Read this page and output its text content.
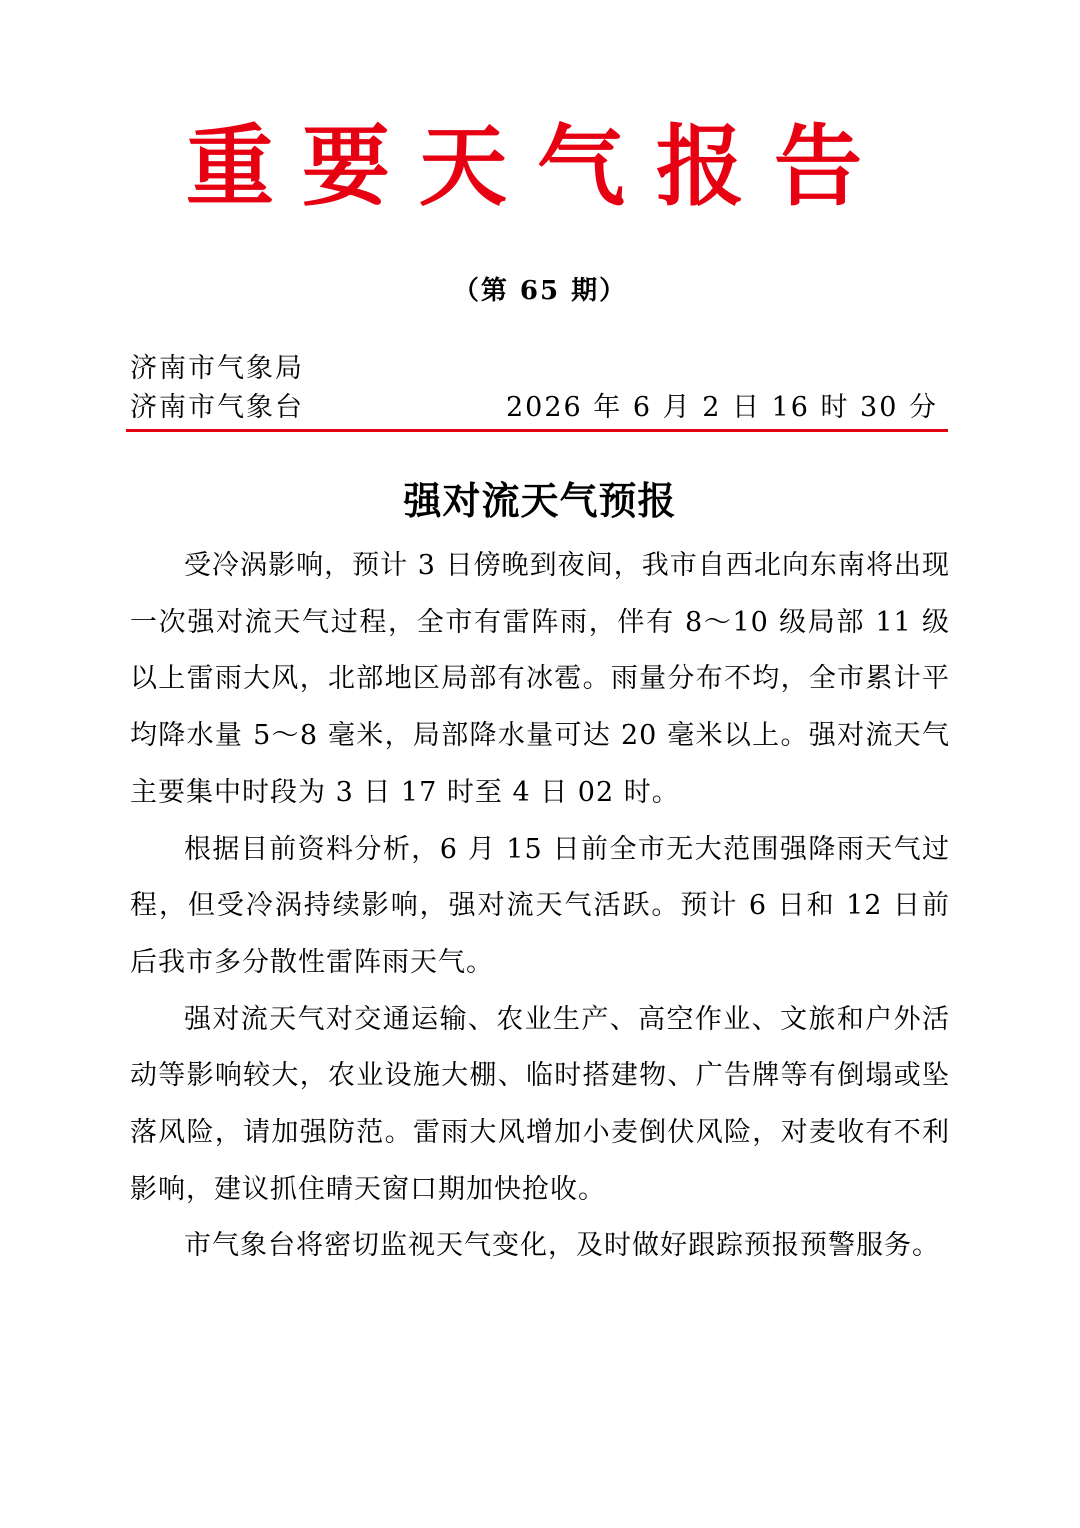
重 要 天 气 报 告
（第 65 期）
济南市气象局
济南市气象台	2026 年 6 月 2 日 16 时 30 分
强对流天气预报

受冷涡影响，预计 3 日傍晚到夜间，我市自西北向东南将出现一次强对流天气过程，全市有雷阵雨，伴有 8～10 级局部 11 级以上雷雨大风，北部地区局部有冰雹。雨量分布不均，全市累计平均降水量 5～8 毫米，局部降水量可达 20 毫米以上。强对流天气主要集中时段为 3 日 17 时至 4 日 02 时。

根据目前资料分析，6 月 15 日前全市无大范围强降雨天气过程，但受冷涡持续影响，强对流天气活跃。预计 6 日和 12 日前后我市多分散性雷阵雨天气。

强对流天气对交通运输、农业生产、高空作业、文旅和户外活动等影响较大，农业设施大棚、临时搭建物、广告牌等有倒塌或坠落风险，请加强防范。雷雨大风增加小麦倒伏风险，对麦收有不利影响，建议抓住晴天窗口期加快抢收。

市气象台将密切监视天气变化，及时做好跟踪预报预警服务。
